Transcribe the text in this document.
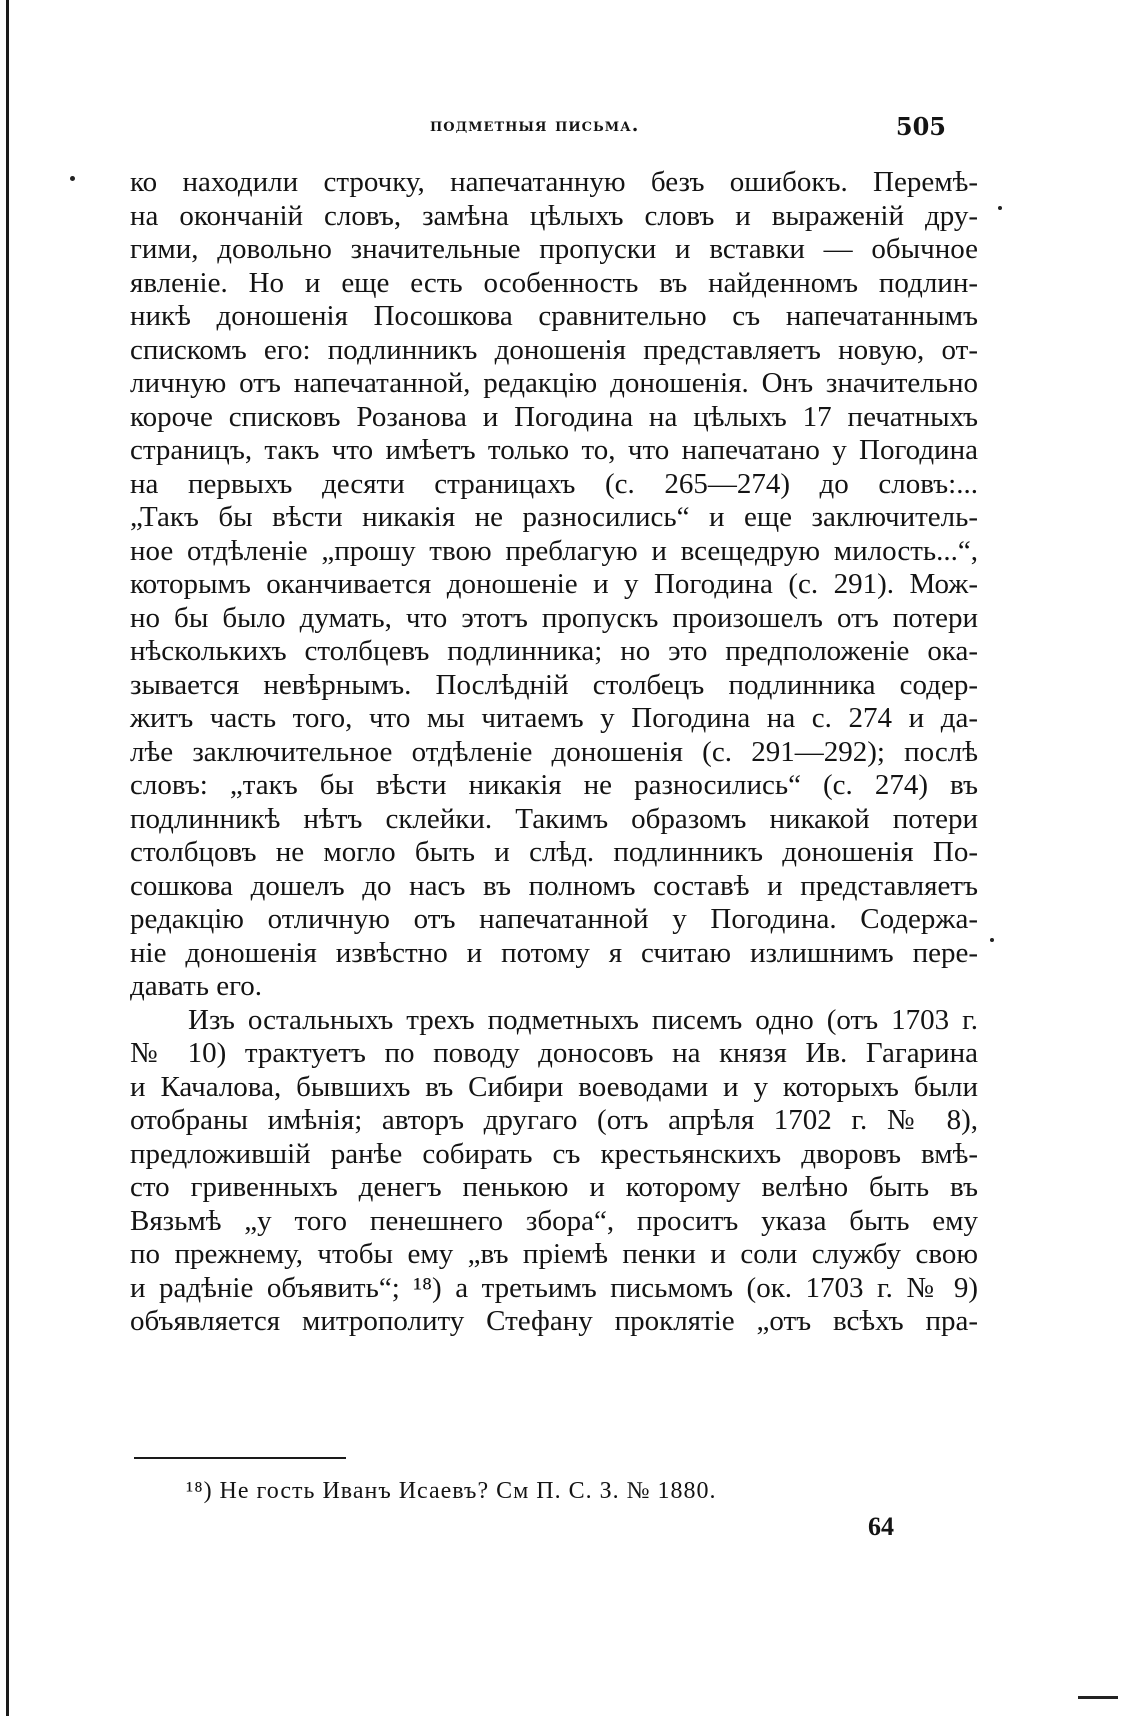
подметныя письма.	505
ко находили строчку, напечатанную безъ ошибокъ. Перемѣ-
на окончаній словъ, замѣна цѣлыхъ словъ и выраженій дру-
гими, довольно значительные пропуски и вставки — обычное
явленіе. Но и еще есть особенность въ найденномъ подлин-
никѣ доношенія Посошкова сравнительно съ напечатаннымъ
спискомъ его: подлинникъ доношенія представляетъ новую, от-
личную отъ напечатанной, редакцію доношенія. Онъ значительно
короче списковъ Розанова и Погодина на цѣлыхъ 17 печатныхъ
страницъ, такъ что имѣетъ только то, что напечатано у Погодина
на первыхъ десяти страницахъ (с. 265—274) до словъ:...
„Такъ бы вѣсти никакія не разносились“ и еще заключитель-
ное отдѣленіе „прошу твою преблагую и всещедрую милость...“,
которымъ оканчивается доношеніе и у Погодина (с. 291). Мож-
но бы было думать, что этотъ пропускъ произошелъ отъ потери
нѣсколькихъ столбцевъ подлинника; но это предположеніе ока-
зывается невѣрнымъ. Послѣдній столбецъ подлинника содер-
житъ часть того, что мы читаемъ у Погодина на с. 274 и да-
лѣе заключительное отдѣленіе доношенія (с. 291—292); послѣ
словъ: „такъ бы вѣсти никакія не разносились“ (с. 274) въ
подлинникѣ нѣтъ склейки. Такимъ образомъ никакой потери
столбцовъ не могло быть и слѣд. подлинникъ доношенія По-
сошкова дошелъ до насъ въ полномъ составѣ и представляетъ
редакцію отличную отъ напечатанной у Погодина. Содержа-
ніе доношенія извѣстно и потому я считаю излишнимъ пере-
давать его.
Изъ остальныхъ трехъ подметныхъ писемъ одно (отъ 1703 г.
№ 10) трактуетъ по поводу доносовъ на князя Ив. Гагарина
и Качалова, бывшихъ въ Сибири воеводами и у которыхъ были
отобраны имѣнія; авторъ другаго (отъ апрѣля 1702 г. № 8),
предложившій ранѣе собирать съ крестьянскихъ дворовъ вмѣ-
сто гривенныхъ денегъ пенькою и которому велѣно быть въ
Вязьмѣ „у того пенешнего збора“, проситъ указа быть ему
по прежнему, чтобы ему „въ пріемѣ пенки и соли службу свою
и радѣніе объявить“; ¹⁸) а третьимъ письмомъ (ок. 1703 г. № 9)
объявляется митрополиту Стефану проклятіе „отъ всѣхъ пра-
¹⁸) Не гость Иванъ Исаевъ? См П. С. З. № 1880.
64
